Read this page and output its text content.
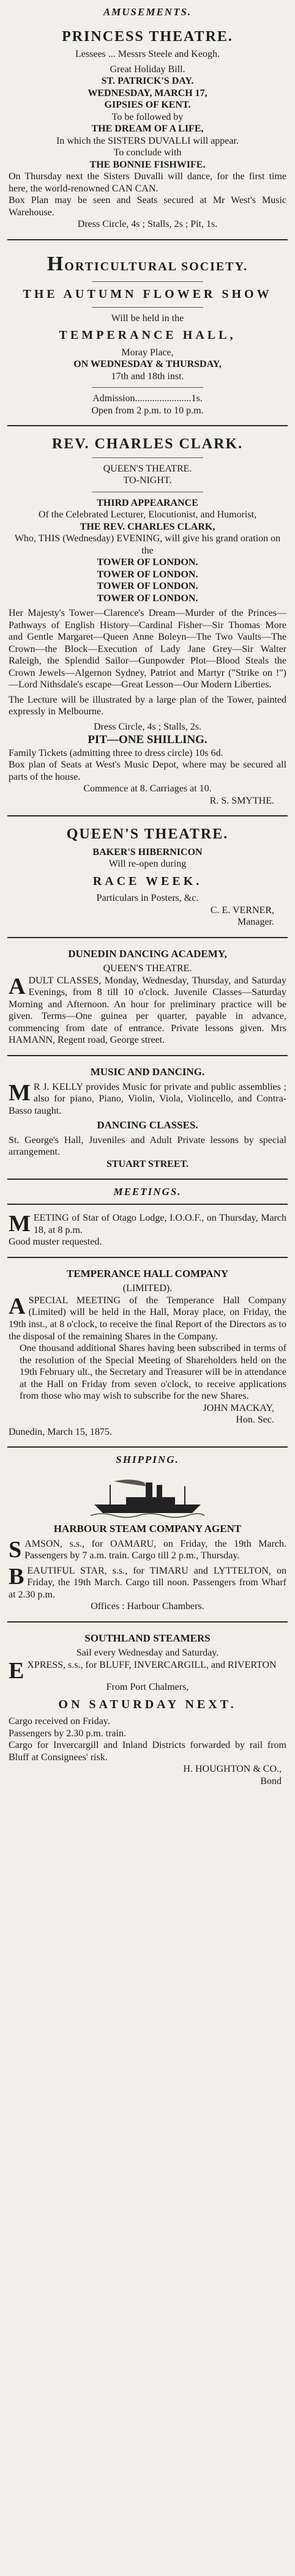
AMUSEMENTS.
PRINCESS THEATRE.
Lessees ... Messrs Steele and Keogh.
Great Holiday Bill.
ST. PATRICK'S DAY.
WEDNESDAY, MARCH 17,
GIPSIES OF KENT.
To be followed by
THE DREAM OF A LIFE,
In which the SISTERS DUVALLI will appear.
To conclude with
THE BONNIE FISHWIFE.
On Thursday next the Sisters Duvalli will dance, for the first time here, the world-renowned CAN CAN.
Box Plan may be seen and Seats secured at Mr West's Music Warehouse.
Dress Circle, 4s ; Stalls, 2s ; Pit, 1s.
HORTICULTURAL SOCIETY.
THE AUTUMN FLOWER SHOW
Will be held in the
TEMPERANCE HALL,
Moray Place,
ON WEDNESDAY & THURSDAY,
17th and 18th inst.
Admission.......................1s.
Open from 2 p.m. to 10 p.m.
REV. CHARLES CLARK.
QUEEN'S THEATRE.
TO-NIGHT.
THIRD APPEARANCE
Of the Celebrated Lecturer, Elocutionist, and Humorist,
THE REV. CHARLES CLARK,
Who, THIS (Wednesday) EVENING, will give his grand oration on the
TOWER OF LONDON.
TOWER OF LONDON.
TOWER OF LONDON.
TOWER OF LONDON.
Her Majesty's Tower—Clarence's Dream—Murder of the Princes—Pathways of English History—Cardinal Fisher—Sir Thomas More and Gentle Margaret—Queen Anne Boleyn—The Two Vaults—The Crown—the Block—Execution of Lady Jane Grey—Sir Walter Raleigh, the Splendid Sailor—Gunpowder Plot—Blood Steals the Crown Jewels—Algernon Sydney, Patriot and Martyr ("Strike on !")—Lord Nithsdale's escape—Great Lesson—Our Modern Liberties.
The Lecture will be illustrated by a large plan of the Tower, painted expressly in Melbourne.
Dress Circle, 4s ; Stalls, 2s.
PIT—ONE SHILLING.
Family Tickets (admitting three to dress circle) 10s 6d.
Box plan of Seats at West's Music Depot, where may be secured all parts of the house.
Commence at 8. Carriages at 10.
R. S. SMYTHE.
QUEEN'S THEATRE.
BAKER'S HIBERNICON
Will re-open during
RACE WEEK.
Particulars in Posters, &c.
C. E. VERNER,
Manager.
DUNEDIN DANCING ACADEMY,
QUEEN'S THEATRE.
ADULT CLASSES, Monday, Wednesday, Thursday, and Saturday Evenings, from 8 till 10 o'clock. Juvenile Classes—Saturday Morning and Afternoon. An hour for preliminary practice will be given. Terms—One guinea per quarter, payable in advance, commencing from date of entrance. Private lessons given. Mrs HAMANN, Regent road, George street.
MUSIC AND DANCING.
M R J. KELLY provides Music for private and public assemblies ; also for piano, Piano, Violin, Viola, Violincello, and Contra-Basso taught.
DANCING CLASSES.
St. George's Hall, Juveniles and Adult Private lessons by special arrangement.
STUART STREET.
MEETINGS.
MEETING of Star of Otago Lodge, I.O.O.F., on Thursday, March 18, at 8 p.m.
Good muster requested.
TEMPERANCE HALL COMPANY
(LIMITED).
ASPECIAL MEETING of the Temperance Hall Company (Limited) will be held in the Hall, Moray place, on Friday, the 19th inst., at 8 o'clock, to receive the final Report of the Directors as to the disposal of the remaining Shares in the Company.
One thousand additional Shares having been subscribed in terms of the resolution of the Special Meeting of Shareholders held on the 19th February ult., the Secretary and Treasurer will be in attendance at the Hall on Friday from seven o'clock, to receive applications from those who may wish to subscribe for the new Shares.
JOHN MACKAY,
Hon. Sec.
Dunedin, March 15, 1875.
SHIPPING.
HARBOUR STEAM COMPANY AGENT
SAMSON, s.s., for OAMARU, on Friday, the 19th March. Passengers by 7 a.m. train. Cargo till 2 p.m., Thursday.
BEAUTIFUL STAR, s.s., for TIMARU and LYTTELTON, on Friday, the 19th March. Cargo till noon. Passengers from Wharf at 2.30 p.m.
Offices : Harbour Chambers.
SOUTHLAND STEAMERS
Sail every Wednesday and Saturday.
EXPRESS, s.s., for BLUFF, INVERCARGILL, and RIVERTON
From Port Chalmers,
ON SATURDAY NEXT.
Cargo received on Friday.
Passengers by 2.30 p.m. train.
Cargo for Invercargill and Inland Districts forwarded by rail from Bluff at Consignees' risk.
H. HOUGHTON & CO.,
Bond
